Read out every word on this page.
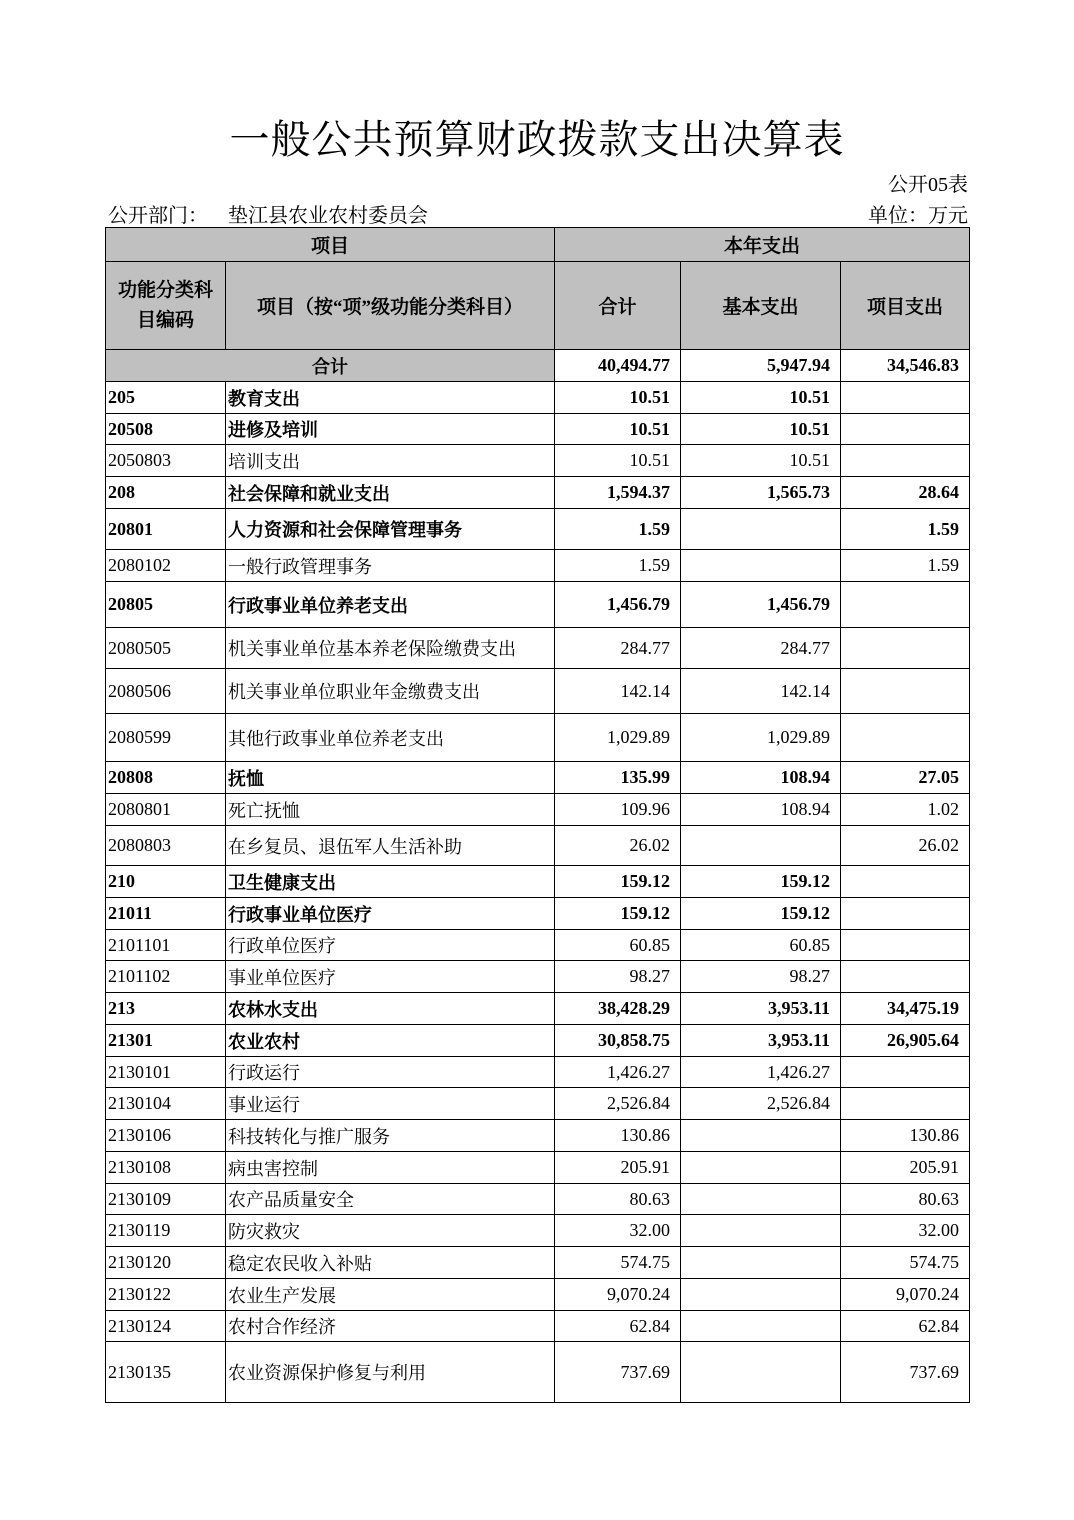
一般公共预算财政拨款支出决算表
公开05表
公开部门： 垫江县农业农村委员会	单位：万元
项目		本年支出		
功能分类科目编码	项目（按“项”级功能分类科目）	合计	基本支出	项目支出
合计		40,494.77	5,947.94	34,546.83
205	教育支出	10.51	10.51	
20508	进修及培训	10.51	10.51	
2050803	培训支出	10.51	10.51	
208	社会保障和就业支出	1,594.37	1,565.73	28.64
20801	人力资源和社会保障管理事务	1.59		1.59
2080102	一般行政管理事务	1.59		1.59
20805	行政事业单位养老支出	1,456.79	1,456.79	
2080505	机关事业单位基本养老保险缴费支出	284.77	284.77	
2080506	机关事业单位职业年金缴费支出	142.14	142.14	
2080599	其他行政事业单位养老支出	1,029.89	1,029.89	
20808	抚恤	135.99	108.94	27.05
2080801	死亡抚恤	109.96	108.94	1.02
2080803	在乡复员、退伍军人生活补助	26.02		26.02
210	卫生健康支出	159.12	159.12	
21011	行政事业单位医疗	159.12	159.12	
2101101	行政单位医疗	60.85	60.85	
2101102	事业单位医疗	98.27	98.27	
213	农林水支出	38,428.29	3,953.11	34,475.19
21301	农业农村	30,858.75	3,953.11	26,905.64
2130101	行政运行	1,426.27	1,426.27	
2130104	事业运行	2,526.84	2,526.84	
2130106	科技转化与推广服务	130.86		130.86
2130108	病虫害控制	205.91		205.91
2130109	农产品质量安全	80.63		80.63
2130119	防灾救灾	32.00		32.00
2130120	稳定农民收入补贴	574.75		574.75
2130122	农业生产发展	9,070.24		9,070.24
2130124	农村合作经济	62.84		62.84
2130135	农业资源保护修复与利用	737.69		737.69
